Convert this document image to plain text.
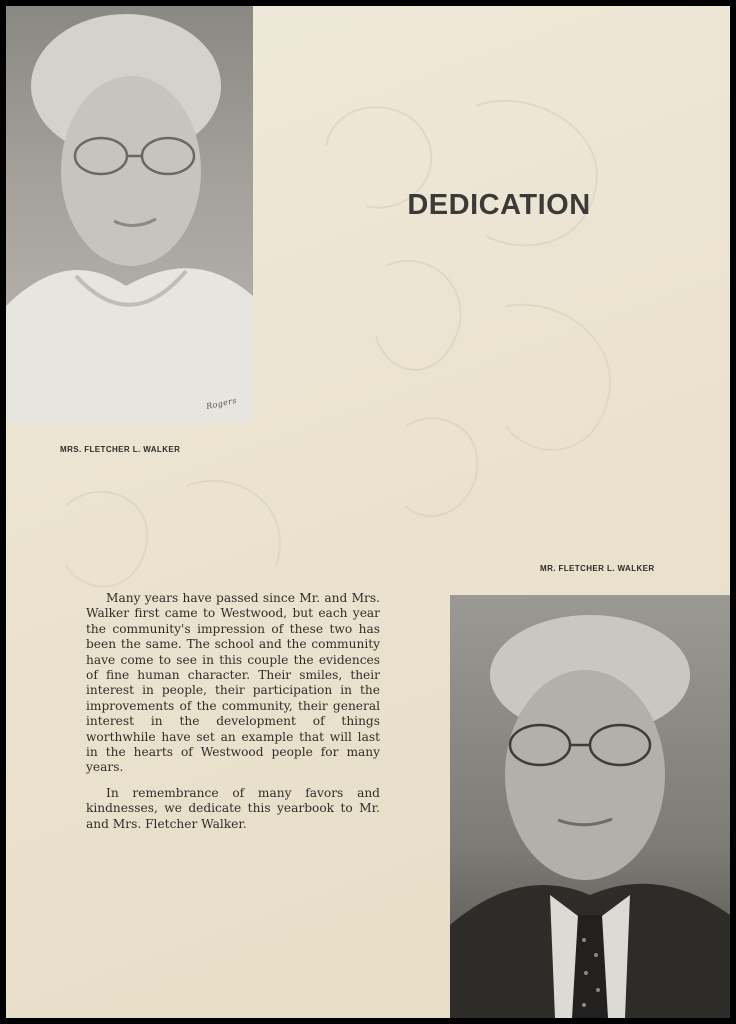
Rogers
MRS. FLETCHER L. WALKER
DEDICATION
MR. FLETCHER L. WALKER

Many years have passed since Mr. and Mrs. Walker first came to Westwood, but each year the community's impression of these two has been the same. The school and the community have come to see in this couple the evidences of fine human character. Their smiles, their interest in people, their participation in the improvements of the community, their general interest in the development of things worthwhile have set an example that will last in the hearts of Westwood people for many years.

In remembrance of many favors and kindnesses, we dedicate this yearbook to Mr. and Mrs. Fletcher Walker.
